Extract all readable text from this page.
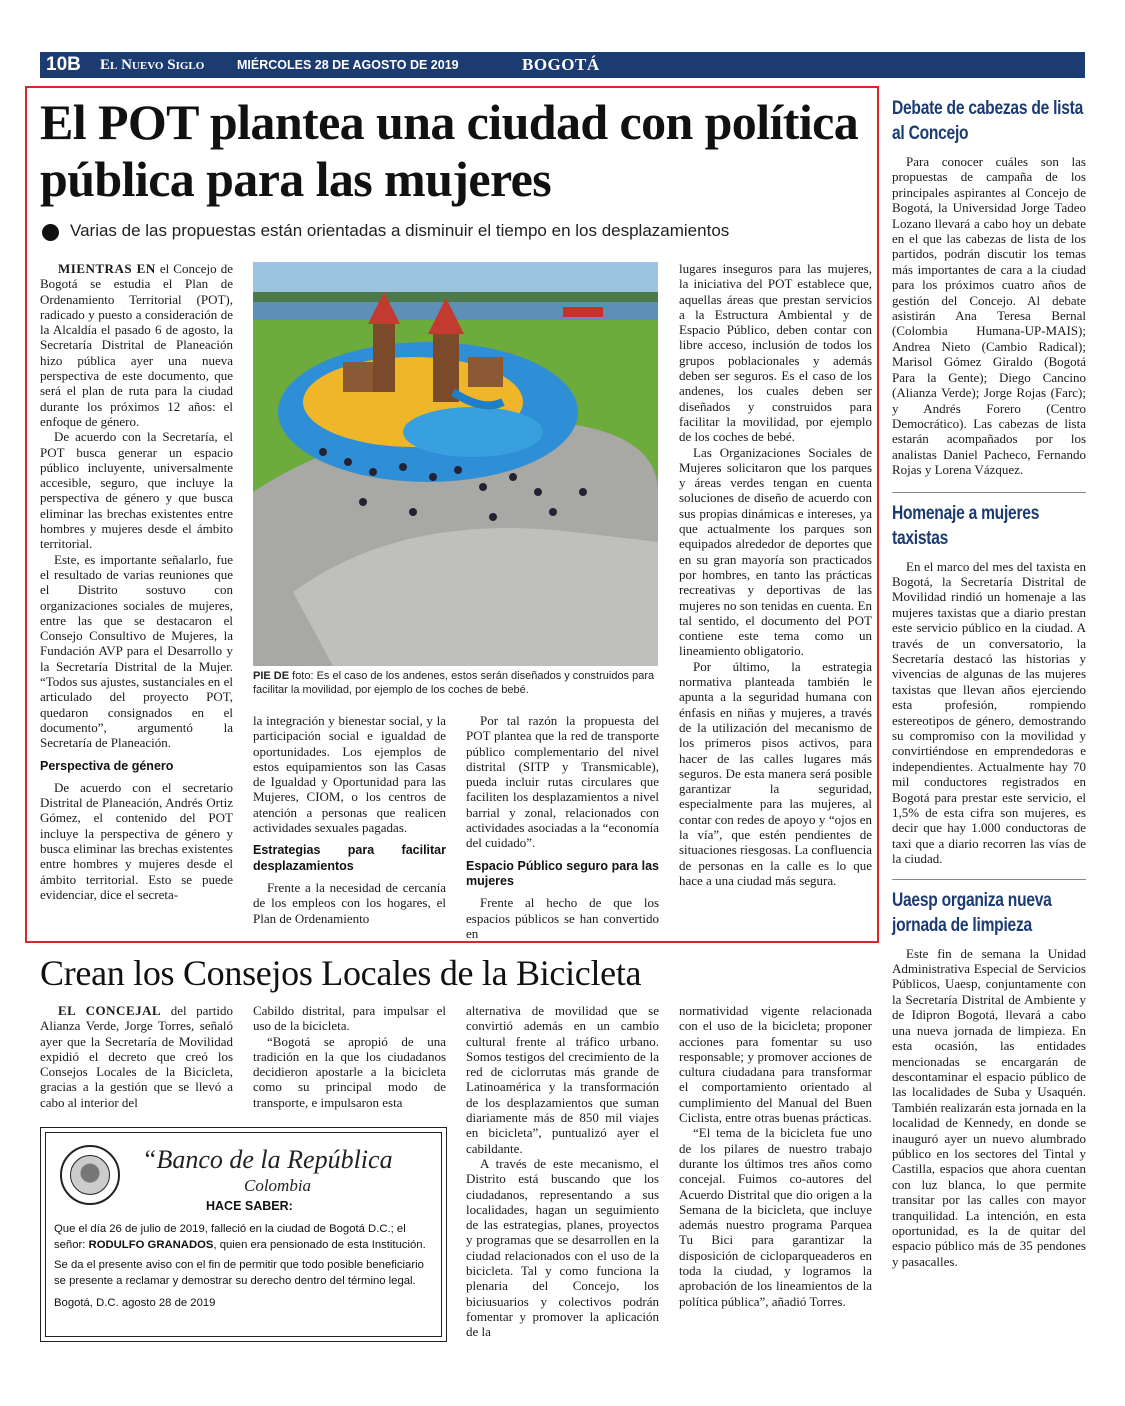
10B El Nuevo Siglo	MIÉRCOLES 28 DE AGOSTO DE 2019	BOGOTÁ
El POT plantea una ciudad con política pública para las mujeres
Varias de las propuestas están orientadas a disminuir el tiempo en los desplazamientos

MIENTRAS EN el Concejo de Bogotá se estudia el Plan de Ordenamiento Territorial (POT), radicado y puesto a consideración de la Alcaldía el pasado 6 de agosto, la Secretaría Distrital de Planeación hizo pública ayer una nueva perspectiva de este documento, que será el plan de ruta para la ciudad durante los próximos 12 años: el enfoque de género.

De acuerdo con la Secretaría, el POT busca generar un espacio público incluyente, universalmente accesible, seguro, que incluye la perspectiva de género y que busca eliminar las brechas existentes entre hombres y mujeres desde el ámbito territorial.

Este, es importante señalarlo, fue el resultado de varias reuniones que el Distrito sostuvo con organizaciones sociales de mujeres, entre las que se destacaron el Consejo Consultivo de Mujeres, la Fundación AVP para el Desarrollo y la Secretaría Distrital de la Mujer. “Todos sus ajustes, sustanciales en el articulado del proyecto POT, quedaron consignados en el documento”, argumentó la Secretaría de Planeación.

Perspectiva de género

De acuerdo con el secretario Distrital de Planeación, Andrés Ortiz Gómez, el contenido del POT incluye la perspectiva de género y busca eliminar las brechas existentes entre hombres y mujeres desde el ámbito territorial. Esto se puede evidenciar, dice el secreta-

PIE DE foto: Es el caso de los andenes, estos serán diseñados y construidos para facilitar la movilidad, por ejemplo de los coches de bebé.

la integración y bienestar social, y la participación social e igualdad de oportunidades. Los ejemplos de estos equipamientos son las Casas de Igualdad y Oportunidad para las Mujeres, CIOM, o los centros de atención a personas que realicen actividades sexuales pagadas.

Estrategias para facilitar desplazamientos

Frente a la necesidad de cercanía de los empleos con los hogares, el Plan de Ordenamiento

Por tal razón la propuesta del POT plantea que la red de transporte público complementario del nivel distrital (SITP y Transmicable), pueda incluir rutas circulares que faciliten los desplazamientos a nivel barrial y zonal, relacionados con actividades asociadas a la “economía del cuidado”.

Espacio Público seguro para las mujeres

Frente al hecho de que los espacios públicos se han convertido en

lugares inseguros para las mujeres, la iniciativa del POT establece que, aquellas áreas que prestan servicios a la Estructura Ambiental y de Espacio Público, deben contar con libre acceso, inclusión de todos los grupos poblacionales y además deben ser seguros. Es el caso de los andenes, los cuales deben ser diseñados y construidos para facilitar la movilidad, por ejemplo de los coches de bebé.

Las Organizaciones Sociales de Mujeres solicitaron que los parques y áreas verdes tengan en cuenta soluciones de diseño de acuerdo con sus propias dinámicas e intereses, ya que actualmente los parques son equipados alrededor de deportes que en su gran mayoría son practicados por hombres, en tanto las prácticas recreativas y deportivas de las mujeres no son tenidas en cuenta. En tal sentido, el documento del POT contiene este tema como un lineamiento obligatorio.

Por último, la estrategia normativa planteada también le apunta a la seguridad humana con énfasis en niñas y mujeres, a través de la utilización del mecanismo de los primeros pisos activos, para hacer de las calles lugares más seguros. De esta manera será posible garantizar la seguridad, especialmente para las mujeres, al contar con redes de apoyo y “ojos en la vía”, que estén pendientes de situaciones riesgosas. La confluencia de personas en la calle es lo que hace a una ciudad más segura.

Debate de cabezas de lista al Concejo

Para conocer cuáles son las propuestas de campaña de los principales aspirantes al Concejo de Bogotá, la Universidad Jorge Tadeo Lozano llevará a cabo hoy un debate en el que las cabezas de lista de los partidos, podrán discutir los temas más importantes de cara a la ciudad para los próximos cuatro años de gestión del Concejo. Al debate asistirán Ana Teresa Bernal (Colombia Humana-UP-MAIS); Andrea Nieto (Cambio Radical); Marisol Gómez Giraldo (Bogotá Para la Gente); Diego Cancino (Alianza Verde); Jorge Rojas (Farc); y Andrés Forero (Centro Democrático). Las cabezas de lista estarán acompañados por los analistas Daniel Pacheco, Fernando Rojas y Lorena Vázquez.

Homenaje a mujeres taxistas

En el marco del mes del taxista en Bogotá, la Secretaría Distrital de Movilidad rindió un homenaje a las mujeres taxistas que a diario prestan este servicio público en la ciudad. A través de un conversatorio, la Secretaría destacó las historias y vivencias de algunas de las mujeres taxistas que llevan años ejerciendo esta profesión, rompiendo estereotipos de género, demostrando su compromiso con la movilidad y convirtiéndose en emprendedoras e independientes. Actualmente hay 70 mil conductores registrados en Bogotá para prestar este servicio, el 1,5% de esta cifra son mujeres, es decir que hay 1.000 conductoras de taxi que a diario recorren las vías de la ciudad.

Uaesp organiza nueva jornada de limpieza

Este fin de semana la Unidad Administrativa Especial de Servicios Públicos, Uaesp, conjuntamente con la Secretaría Distrital de Ambiente y de Idipron Bogotá, llevará a cabo una nueva jornada de limpieza. En esta ocasión, las entidades mencionadas se encargarán de descontaminar el espacio público de las localidades de Suba y Usaquén. También realizarán esta jornada en la localidad de Kennedy, en donde se inauguró ayer un nuevo alumbrado público en los sectores del Tintal y Castilla, espacios que ahora cuentan con luz blanca, lo que permite transitar por las calles con mayor tranquilidad. La intención, en esta oportunidad, es la de quitar del espacio público más de 35 pendones y pasacalles.

Crean los Consejos Locales de la Bicicleta

EL CONCEJAL del partido Alianza Verde, Jorge Torres, señaló ayer que la Secretaría de Movilidad expidió el decreto que creó los Consejos Locales de la Bicicleta, gracias a la gestión que se llevó a cabo al interior del

Cabildo distrital, para impulsar el uso de la bicicleta.

“Bogotá se apropió de una tradición en la que los ciudadanos decidieron apostarle a la bicicleta como su principal modo de transporte, e impulsaron esta

alternativa de movilidad que se convirtió además en un cambio cultural frente al tráfico urbano. Somos testigos del crecimiento de la red de ciclorrutas más grande de Latinoamérica y la transformación de los desplazamientos que suman diariamente más de 850 mil viajes en bicicleta”, puntualizó ayer el cabildante.

A través de este mecanismo, el Distrito está buscando que los ciudadanos, representando a sus localidades, hagan un seguimiento de las estrategias, planes, proyectos y programas que se desarrollen en la ciudad relacionados con el uso de la bicicleta. Tal y como funciona la plenaria del Concejo, los biciusuarios y colectivos podrán fomentar y promover la aplicación de la

normatividad vigente relacionada con el uso de la bicicleta; proponer acciones para fomentar su uso responsable; y promover acciones de cultura ciudadana para transformar el comportamiento orientado al cumplimiento del Manual del Buen Ciclista, entre otras buenas prácticas.

“El tema de la bicicleta fue uno de los pilares de nuestro trabajo durante los últimos tres años como concejal. Fuimos co-autores del Acuerdo Distrital que dio origen a la Semana de la bicicleta, que incluye además nuestro programa Parquea Tu Bici para garantizar la disposición de cicloparqueaderos en toda la ciudad, y logramos la aprobación de los lineamientos de la política pública”, añadió Torres.

“Banco de la República
Colombia
HACE SABER:
Que el día 26 de julio de 2019, falleció en la ciudad de Bogotá D.C.; el señor: RODULFO GRANADOS, quien era pensionado de esta Institución.
Se da el presente aviso con el fin de permitir que todo posible beneficiario se presente a reclamar y demostrar su derecho dentro del término legal.
Bogotá, D.C. agosto 28 de 2019
